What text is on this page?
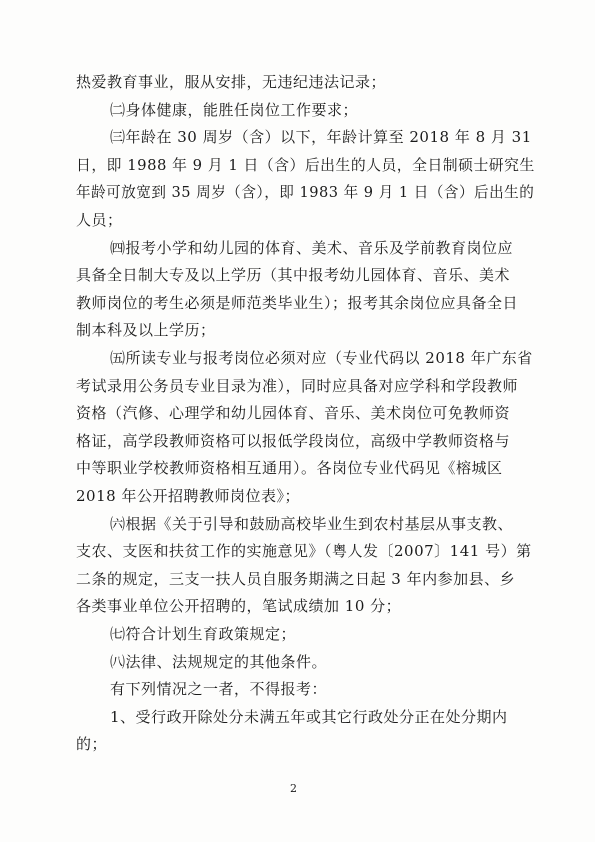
热爱教育事业，服从安排，无违纪违法记录；
㈡身体健康，能胜任岗位工作要求；
㈢年龄在 30 周岁（含）以下，年龄计算至 2018 年 8 月 31
日，即 1988 年 9 月 1 日（含）后出生的人员，全日制硕士研究生
年龄可放宽到 35 周岁（含），即 1983 年 9 月 1 日（含）后出生的
人员；
㈣报考小学和幼儿园的体育、美术、音乐及学前教育岗位应
具备全日制大专及以上学历（其中报考幼儿园体育、音乐、美术
教师岗位的考生必须是师范类毕业生）；报考其余岗位应具备全日
制本科及以上学历；
㈤所读专业与报考岗位必须对应（专业代码以 2018 年广东省
考试录用公务员专业目录为准），同时应具备对应学科和学段教师
资格（汽修、心理学和幼儿园体育、音乐、美术岗位可免教师资
格证，高学段教师资格可以报低学段岗位，高级中学教师资格与
中等职业学校教师资格相互通用）。各岗位专业代码见《榕城区
2018 年公开招聘教师岗位表》；
㈥根据《关于引导和鼓励高校毕业生到农村基层从事支教、
支农、支医和扶贫工作的实施意见》（粤人发〔2007〕141 号）第
二条的规定，三支一扶人员自服务期满之日起 3 年内参加县、乡
各类事业单位公开招聘的，笔试成绩加 10 分；
㈦符合计划生育政策规定；
㈧法律、法规规定的其他条件。
有下列情况之一者，不得报考：
1、受行政开除处分未满五年或其它行政处分正在处分期内
的；
2
